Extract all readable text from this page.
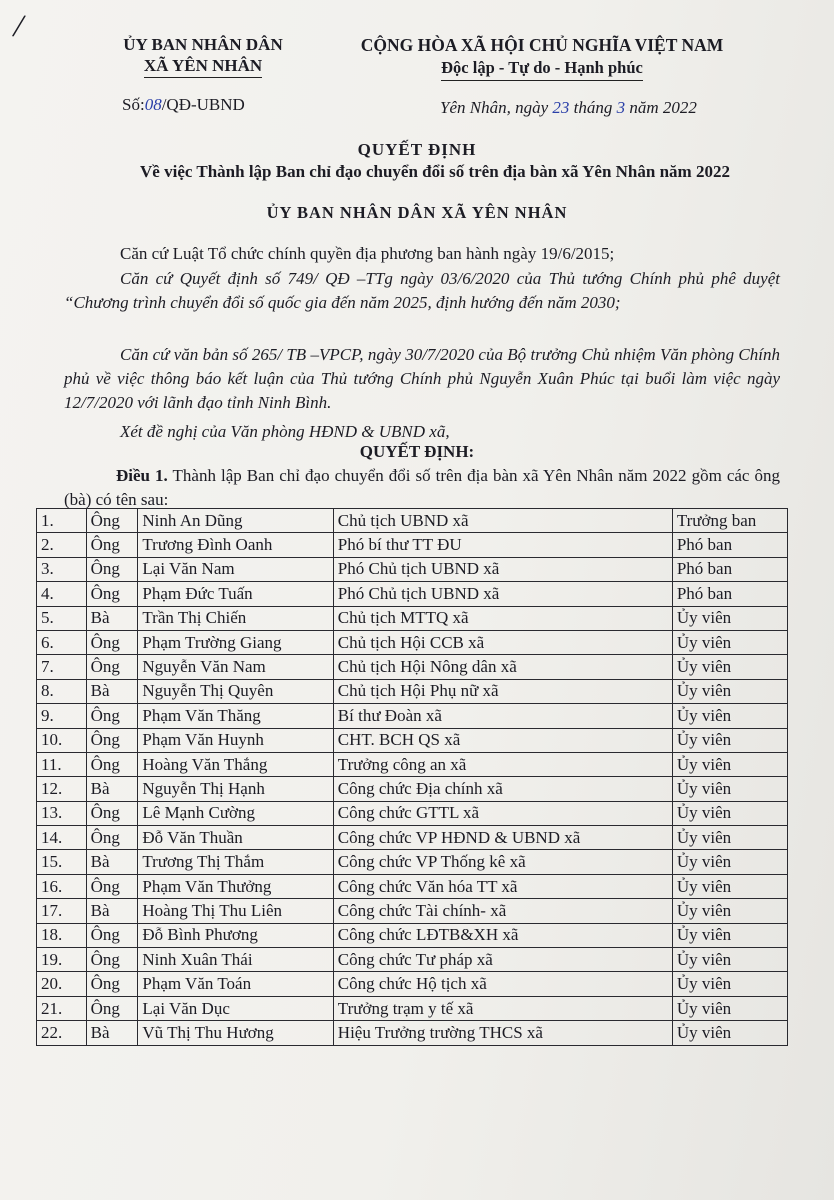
/	ỦY BAN NHÂN DÂN
XÃ YÊN NHÂN
CỘNG HÒA XÃ HỘI CHỦ NGHĨA VIỆT NAM
Độc lập - Tự do - Hạnh phúc
Số:08/QĐ-UBND	Yên Nhân, ngày 23 tháng 3 năm 2022
QUYẾT ĐỊNH
Về việc Thành lập Ban chỉ đạo chuyển đổi số trên địa bàn xã Yên Nhân năm 2022
ỦY BAN NHÂN DÂN XÃ YÊN NHÂN
Căn cứ Luật Tổ chức chính quyền địa phương ban hành ngày 19/6/2015;
Căn cứ Quyết định số 749/ QĐ –TTg ngày 03/6/2020 của Thủ tướng Chính phủ phê duyệt “Chương trình chuyển đổi số quốc gia đến năm 2025, định hướng đến năm 2030;
Căn cứ văn bản số 265/ TB –VPCP, ngày 30/7/2020 của Bộ trưởng Chủ nhiệm Văn phòng Chính phủ về việc thông báo kết luận của Thủ tướng Chính phủ Nguyễn Xuân Phúc tại buổi làm việc ngày 12/7/2020 với lãnh đạo tỉnh Ninh Bình.
Xét đề nghị của Văn phòng HĐND & UBND xã,
QUYẾT ĐỊNH:
Điều 1. Thành lập Ban chỉ đạo chuyển đổi số trên địa bàn xã Yên Nhân năm 2022 gồm các ông (bà) có tên sau:
1.	Ông	Ninh An Dũng	Chủ tịch UBND xã	Trưởng ban
2.	Ông	Trương Đình Oanh	Phó bí thư TT ĐU	Phó ban
3.	Ông	Lại Văn Nam	Phó Chủ tịch UBND xã	Phó ban
4.	Ông	Phạm Đức Tuấn	Phó Chủ tịch UBND xã	Phó ban
5.	Bà	Trần Thị Chiến	Chủ tịch MTTQ xã	Ủy viên
6.	Ông	Phạm Trường Giang	Chủ tịch Hội CCB xã	Ủy viên
7.	Ông	Nguyễn Văn Nam	Chủ tịch Hội Nông dân xã	Ủy viên
8.	Bà	Nguyễn Thị Quyên	Chủ tịch Hội Phụ nữ xã	Ủy viên
9.	Ông	Phạm Văn Thăng	Bí thư Đoàn xã	Ủy viên
10.	Ông	Phạm Văn Huynh	CHT. BCH QS xã	Ủy viên
11.	Ông	Hoàng Văn Thắng	Trưởng công an xã	Ủy viên
12.	Bà	Nguyễn Thị Hạnh	Công chức Địa chính xã	Ủy viên
13.	Ông	Lê Mạnh Cường	Công chức GTTL xã	Ủy viên
14.	Ông	Đỗ Văn Thuần	Công chức VP HĐND & UBND xã	Ủy viên
15.	Bà	Trương Thị Thắm	Công chức VP Thống kê xã	Ủy viên
16.	Ông	Phạm Văn Thưởng	Công chức Văn hóa TT xã	Ủy viên
17.	Bà	Hoàng Thị Thu Liên	Công chức Tài chính- xã	Ủy viên
18.	Ông	Đỗ Bình Phương	Công chức LĐTB&XH xã	Ủy viên
19.	Ông	Ninh Xuân Thái	Công chức Tư pháp xã	Ủy viên
20.	Ông	Phạm Văn Toán	Công chức Hộ tịch xã	Ủy viên
21.	Ông	Lại Văn Dục	Trưởng trạm y tế xã	Ủy viên
22.	Bà	Vũ Thị Thu Hương	Hiệu Trưởng trường THCS xã	Ủy viên
